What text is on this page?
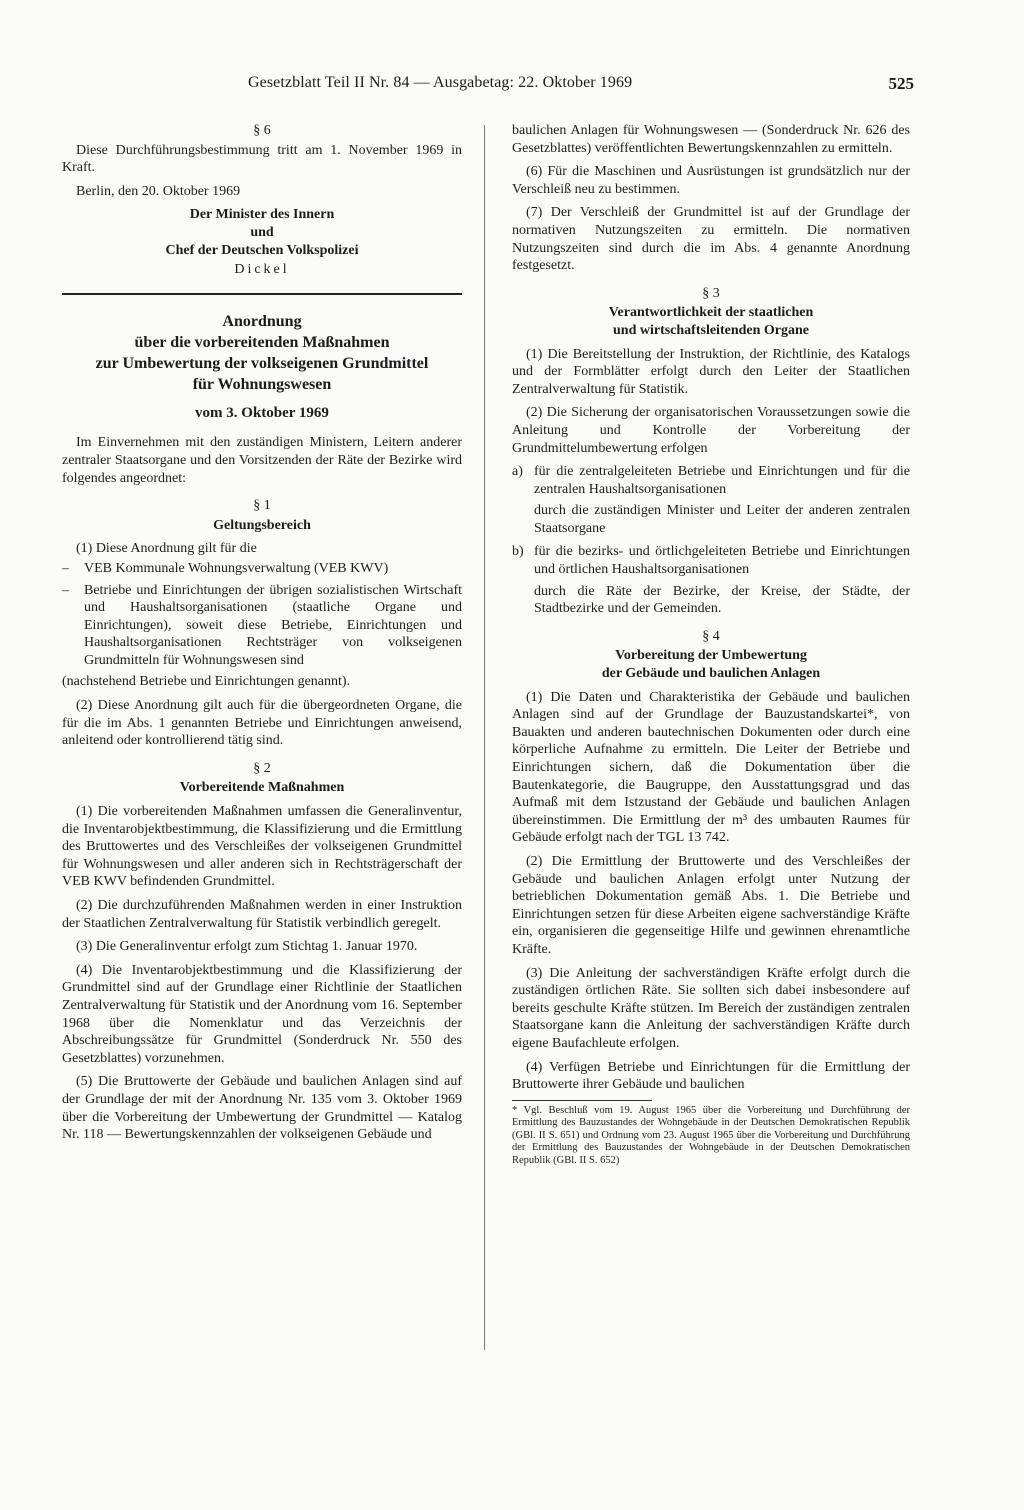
Gesetzblatt Teil II Nr. 84 — Ausgabetag: 22. Oktober 1969	525

§ 6

Diese Durchführungsbestimmung tritt am 1. November 1969 in Kraft.

Berlin, den 20. Oktober 1969

Der Minister des Innern

und

Chef der Deutschen Volkspolizei

Dickel

Anordnung
über die vorbereitenden Maßnahmen
zur Umbewertung der volkseigenen Grundmittel
für Wohnungswesen

vom 3. Oktober 1969

Im Einvernehmen mit den zuständigen Ministern, Leitern anderer zentraler Staatsorgane und den Vorsitzenden der Räte der Bezirke wird folgendes angeordnet:

§ 1

Geltungsbereich

(1) Diese Anordnung gilt für die

– VEB Kommunale Wohnungsverwaltung (VEB KWV)
– Betriebe und Einrichtungen der übrigen sozialistischen Wirtschaft und Haushaltsorganisationen (staatliche Organe und Einrichtungen), soweit diese Betriebe, Einrichtungen und Haushaltsorganisationen Rechtsträger von volkseigenen Grundmitteln für Wohnungswesen sind

(nachstehend Betriebe und Einrichtungen genannt).

(2) Diese Anordnung gilt auch für die übergeordneten Organe, die für die im Abs. 1 genannten Betriebe und Einrichtungen anweisend, anleitend oder kontrollierend tätig sind.

§ 2

Vorbereitende Maßnahmen

(1) Die vorbereitenden Maßnahmen umfassen die Generalinventur, die Inventarobjektbestimmung, die Klassifizierung und die Ermittlung des Bruttowertes und des Verschleißes der volkseigenen Grundmittel für Wohnungswesen und aller anderen sich in Rechtsträgerschaft der VEB KWV befindenden Grundmittel.

(2) Die durchzuführenden Maßnahmen werden in einer Instruktion der Staatlichen Zentralverwaltung für Statistik verbindlich geregelt.

(3) Die Generalinventur erfolgt zum Stichtag 1. Januar 1970.

(4) Die Inventarobjektbestimmung und die Klassifizierung der Grundmittel sind auf der Grundlage einer Richtlinie der Staatlichen Zentralverwaltung für Statistik und der Anordnung vom 16. September 1968 über die Nomenklatur und das Verzeichnis der Abschreibungssätze für Grundmittel (Sonderdruck Nr. 550 des Gesetzblattes) vorzunehmen.

(5) Die Bruttowerte der Gebäude und baulichen Anlagen sind auf der Grundlage der mit der Anordnung Nr. 135 vom 3. Oktober 1969 über die Vorbereitung der Umbewertung der Grundmittel — Katalog Nr. 118 — Bewertungskennzahlen der volkseigenen Gebäude und

baulichen Anlagen für Wohnungswesen — (Sonderdruck Nr. 626 des Gesetzblattes) veröffentlichten Bewertungskennzahlen zu ermitteln.

(6) Für die Maschinen und Ausrüstungen ist grundsätzlich nur der Verschleiß neu zu bestimmen.

(7) Der Verschleiß der Grundmittel ist auf der Grundlage der normativen Nutzungszeiten zu ermitteln. Die normativen Nutzungszeiten sind durch die im Abs. 4 genannte Anordnung festgesetzt.

§ 3

Verantwortlichkeit der staatlichen

und wirtschaftsleitenden Organe

(1) Die Bereitstellung der Instruktion, der Richtlinie, des Katalogs und der Formblätter erfolgt durch den Leiter der Staatlichen Zentralverwaltung für Statistik.

(2) Die Sicherung der organisatorischen Voraussetzungen sowie die Anleitung und Kontrolle der Vorbereitung der Grundmittelumbewertung erfolgen

a) für die zentralgeleiteten Betriebe und Einrichtungen und für die zentralen Haushaltsorganisationen

durch die zuständigen Minister und Leiter der anderen zentralen Staatsorgane

b) für die bezirks- und örtlichgeleiteten Betriebe und Einrichtungen und örtlichen Haushaltsorganisationen

durch die Räte der Bezirke, der Kreise, der Städte, der Stadtbezirke und der Gemeinden.

§ 4

Vorbereitung der Umbewertung

der Gebäude und baulichen Anlagen

(1) Die Daten und Charakteristika der Gebäude und baulichen Anlagen sind auf der Grundlage der Bauzustandskartei*, von Bauakten und anderen bautechnischen Dokumenten oder durch eine körperliche Aufnahme zu ermitteln. Die Leiter der Betriebe und Einrichtungen sichern, daß die Dokumentation über die Bautenkategorie, die Baugruppe, den Ausstattungsgrad und das Aufmaß mit dem Istzustand der Gebäude und baulichen Anlagen übereinstimmen. Die Ermittlung der m³ des umbauten Raumes für Gebäude erfolgt nach der TGL 13 742.

(2) Die Ermittlung der Bruttowerte und des Verschleißes der Gebäude und baulichen Anlagen erfolgt unter Nutzung der betrieblichen Dokumentation gemäß Abs. 1. Die Betriebe und Einrichtungen setzen für diese Arbeiten eigene sachverständige Kräfte ein, organisieren die gegenseitige Hilfe und gewinnen ehrenamtliche Kräfte.

(3) Die Anleitung der sachverständigen Kräfte erfolgt durch die zuständigen örtlichen Räte. Sie sollten sich dabei insbesondere auf bereits geschulte Kräfte stützen. Im Bereich der zuständigen zentralen Staatsorgane kann die Anleitung der sachverständigen Kräfte durch eigene Baufachleute erfolgen.

(4) Verfügen Betriebe und Einrichtungen für die Ermittlung der Bruttowerte ihrer Gebäude und baulichen

* Vgl. Beschluß vom 19. August 1965 über die Vorbereitung und Durchführung der Ermittlung des Bauzustandes der Wohngebäude in der Deutschen Demokratischen Republik (GBl. II S. 651) und Ordnung vom 23. August 1965 über die Vorbereitung und Durchführung der Ermittlung des Bauzustandes der Wohngebäude in der Deutschen Demokratischen Republik (GBl. II S. 652)
